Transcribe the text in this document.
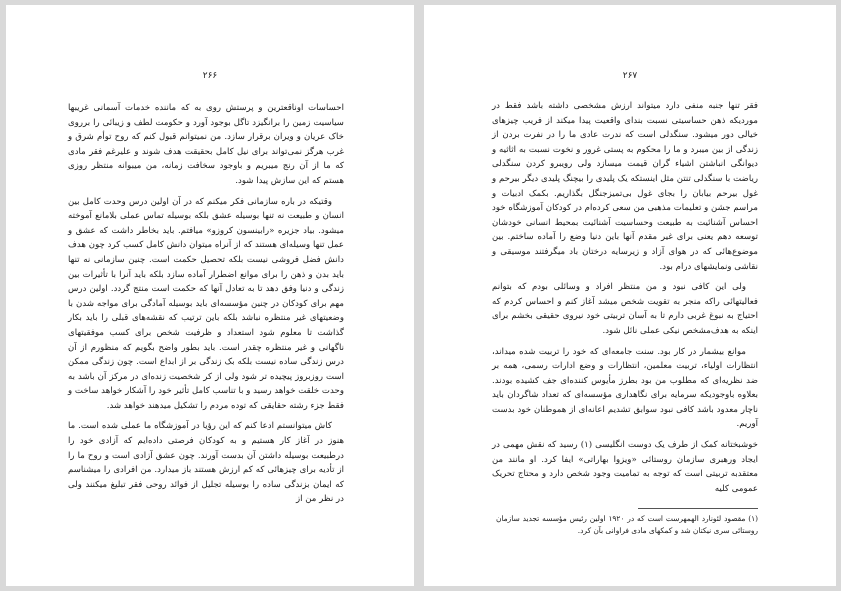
۲۶۶

احساسات اوناقعترین و پرستش روی به که ماننده خدمات آسمانی غریبها سیاسیت زمین را برانگیزد تاگل بوجود آورد و حکومت لطف و زیبائی را برروی خاک عریان و ویران برقرار سازد. من نمیتوانم قبول کنم که روح توأم شرق و غرب هرگز نمی‌تواند برای نیل کامل بحقیقت هدف شوند و علیرغم فقر مادی که ما از آن رنج میبریم و باوجود سخافت زمانه، من میبوانه منتظر روزی هستم که این سازش پیدا شود.

وقتیکه در باره سازمانی فکر میکنم که در آن اولین درس وحدت کامل بین انسان و طبیعت نه تنها بوسیله عشق بلکه بوسیله تماس عملی بلامانع آموخته میشود. بیاد جزیره «رابینسون کروزو» میافتم. باید بخاطر داشت که عشق و عمل تنها وسیله‌ای هستند که از آنراه میتوان دانش کامل کسب کرد چون هدف دانش فضل فروشی نیست بلکه تحصیل حکمت است. چنین سازمانی نه تنها باید بدن و ذهن را برای موانع اضطرار آماده سازد بلکه باید آنرا با تأثیرات بین زندگی و دنیا وفق دهد تا به تعادل آنها که حکمت است منتج گردد. اولین درس مهم برای کودکان در چنین مؤسسه‌ای باید بوسیله آمادگی برای مواجه شدن با وضعیتهای غیر منتظره نباشد بلکه باین ترتیب که نقشه‌های قبلی را باید بکار گذاشت تا معلوم شود استعداد و ظرفیت شخص برای کسب موفقیتهای ناگهانی و غیر منتظره چقدر است. باید بطور واضح بگویم که منظورم از آن درس زندگی ساده نیست بلکه بک زندگی بر از ابداع است. چون زندگی ممکن است روزبروز پیچیده تر شود ولی از کر شخصیت زنده‌ای در مرکز آن باشد به وحدت خلقت خواهد رسید و با تناسب کامل تأثیر خود را آشکار خواهد ساخت و فقط جزء رشته حقایقی که توده مردم را تشکیل میدهند خواهد شد.

کاش میتوانستم ادعا کنم که این رؤیا در آموزشگاه ما عملی شده است. ما هنوز در آغاز کار هستیم و به کودکان فرصتی داده‌ایم که آزادی خود را درطبیعت بوسیله داشتن آن بدست آورند. چون عشق آزادی است و روح ما را از تأدیه برای چیزهائی که کم ارزش هستند باز میدارد. من افرادی را میشناسم که ایمان بزندگی ساده را بوسیله تجلیل از فوائد روحی فقر تبلیغ میکنند ولی در نظر من از

۲۶۷

فقر تنها جنبه منفی دارد میتواند ارزش مشخصی داشته باشد فقط در موردیکه ذهن حساسیتی نسبت بندای واقعیت پیدا میکند از فریب چیزهای خیالی دور میشود. سنگدلی است که ندرت عادی ما را در نفرت بردن از زندگی از بین میبرد و ما را محکوم به پستی غرور و نخوت نسبت به اثاثیه و دیوانگی انباشتن اشیاء گران قیمت میسازد ولی رویبرو کردن سنگدلی ریاضت با سنگدلی تنتن مثل اینستکه یک پلیدی را بیچنگ پلیدی دیگر بیرحم و غول بیرحم بیابان را بجای غول بی‌تمیزجنگل بگذاریم. بکمک ادبیات و مراسم جشن و تعلیمات مذهبی من سعی کرده‌ام در کودکان آموزشگاه خود احساس آشنائیت به طبیعت وحساسیت آشنائیت بمحیط انسانی خودشان توسعه دهم یعنی برای غیر مقدم آنها باین دنیا وضع را آماده ساختم. بین موضوع‌هائی که در هوای آزاد و زیرسایه درختان باد میگرفتند موسیقی و نقاشی ونمایشهای درام بود.

ولی این کافی نبود و من منتظر افراد و وسائلی بودم که بتوانم فعالیتهائی راکه منجر به تقویت شخص میشد آغاز کنم و احساس کردم که احتیاج به نبوغ غربی دارم تا به آسان تربیتی خود نیروی حقیقی بخشم برای اینکه به هدف‌مشخص نیکی عملی نائل شود.

موانع بیشمار در کار بود. سنت جامعه‌ای که خود را تربیت شده میداند، انتظارات اولیاء، تربیت معلمین، انتظارات و وضع ادارات رسمی، همه بر ضد نظریه‌ای که مطلوب من بود بطرز مأیوس کننده‌ای جف کشیده بودند. بعلاوه باوجودیکه سرمایه برای نگاهداری مؤسسه‌ای که تعداد شاگردان باید ناچار معدود باشد کافی نبود سوابق تشدیم اعانه‌ای از هموطنان خود بدست آوریم.

خوشبختانه کمک از طرف یک دوست انگلیسی (۱) رسید که نقش مهمی در ایجاد ورهبری سازمان روستائی «ویزوا بهاراتی» ایفا کرد. او مانند من معتقدبه تربیتی است که توجه به تمامیت وجود شخص دارد و محتاج تحریک عمومی کلیه

(۱) مقصود لئونارد الهمهرست است که در ۱۹۲۰ اولین رئیس مؤسسه تجدید سازمان روستائی سری نیکتان شد و کمکهای مادی فراوانی بآن کرد.
